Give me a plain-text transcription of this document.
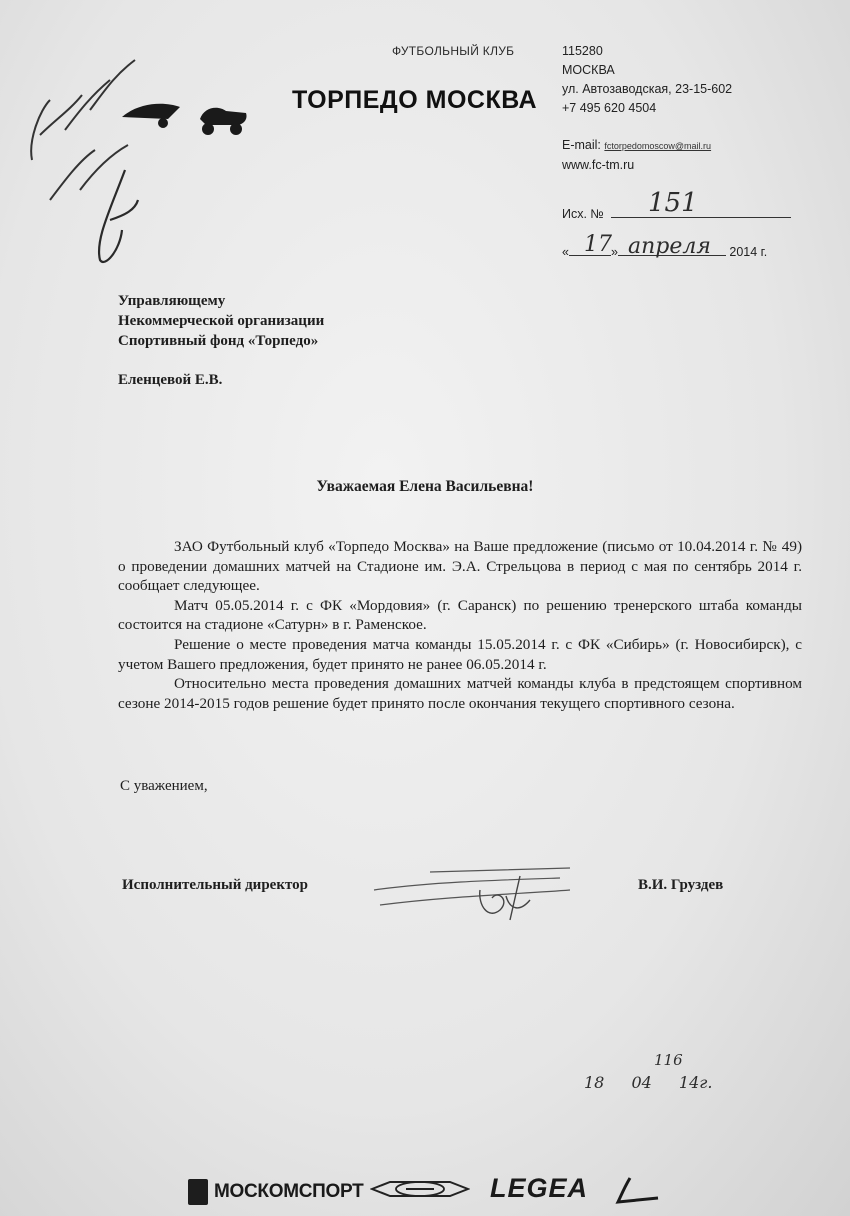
ФУТБОЛЬНЫЙ КЛУБ
ТОРПЕДО МОСКВА
115280
МОСКВА
ул. Автозаводская, 23-15-602
+7 495 620 4504
E-mail: fctorpedomoscow@mail.ru
www.fc-tm.ru
Исх. №	151
«	»	2014 г.
17 апреля
Управляющему
Некоммерческой организации
Спортивный фонд «Торпедо»
Еленцевой Е.В.
Уважаемая Елена Васильевна!

ЗАО Футбольный клуб «Торпедо Москва» на Ваше предложение (письмо от 10.04.2014 г. № 49) о проведении домашних матчей на Стадионе им. Э.А. Стрельцова в период с мая по сентябрь 2014 г. сообщает следующее.

Матч 05.05.2014 г. с ФК «Мордовия» (г. Саранск) по решению тренерского штаба команды состоится на стадионе «Сатурн» в г. Раменское.

Решение о месте проведения матча команды 15.05.2014 г. с ФК «Сибирь» (г. Новосибирск), с учетом Вашего предложения, будет принято не ранее 06.05.2014 г.

Относительно места проведения домашних матчей команды клуба в предстоящем спортивном сезоне 2014-2015 годов решение будет принято после окончания текущего спортивного сезона.

С уважением,
Исполнительный директор	В.И. Груздев
116
18 04 14г.
МОСКОМСПОРТ	LEGEA
